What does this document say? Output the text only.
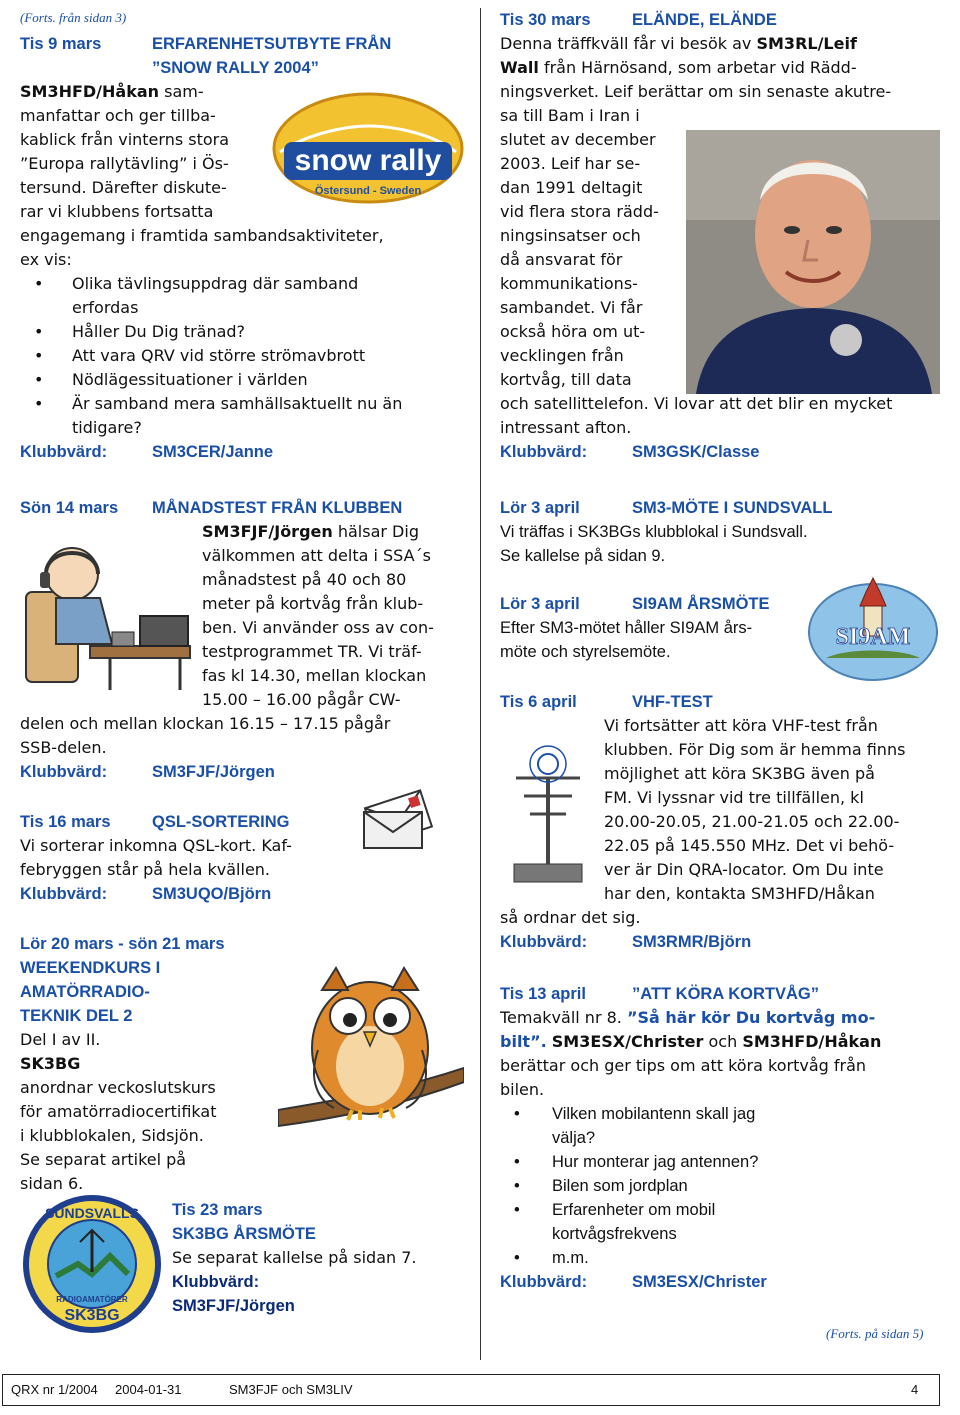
(Forts. från sidan 3)
Tis 9 mars	ERFARENHETSUTBYTE FRÅN
”SNOW RALLY 2004”
SM3HFD/Håkan sam-
manfattar och ger tillba-
kablick från vinterns stora
”Europa rallytävling” i Ös-
tersund. Därefter diskute-
rar vi klubbens fortsatta
engagemang i framtida sambandsaktiviteter,
ex vis:
• Olika tävlingsuppdrag där samband erfordas
• Håller Du Dig tränad?
• Att vara QRV vid större strömavbrott
• Nödlägessituationer i världen
• Är samband mera samhällsaktuellt nu än tidigare?
Klubbvärd:	SM3CER/Janne
snow rally
Östersund - Sweden
Sön 14 mars MÅNADSTEST FRÅN KLUBBEN
SM3FJF/Jörgen hälsar Dig
välkommen att delta i SSA´s
månadstest på 40 och 80
meter på kortvåg från klub-
ben. Vi använder oss av con-
testprogrammet TR. Vi träf-
fas kl 14.30, mellan klockan
15.00 – 16.00 pågår CW-
delen och mellan klockan 16.15 – 17.15 pågår
SSB-delen.
Klubbvärd:	SM3FJF/Jörgen
Tis 16 mars	QSL-SORTERING
Vi sorterar inkomna QSL-kort. Kaf-
febryggen står på hela kvällen.
Klubbvärd:	SM3UQO/Björn
Lör 20 mars - sön 21 mars
WEEKENDKURS I
AMATÖRRADIO-
TEKNIK DEL 2
Del I av II.
SK3BG
anordnar veckoslutskurs
för amatörradiocertifikat
i klubblokalen, Sidsjön.
Se separat artikel på
sidan 6.
Tis 23 mars
SK3BG ÅRSMÖTE
Se separat kallelse på sidan 7.
Klubbvärd:
SM3FJF/Jörgen
SUNDSVALLS
RADIOAMATÖRER
SK3BG
Tis 30 mars	ELÄNDE, ELÄNDE
Denna träffkväll får vi besök av SM3RL/Leif
Wall från Härnösand, som arbetar vid Rädd-
ningsverket. Leif berättar om sin senaste akutre-
sa till Bam i Iran i
slutet av december
2003. Leif har se-
dan 1991 deltagit
vid flera stora rädd-
ningsinsatser och
då ansvarat för
kommunikations-
sambandet. Vi får
också höra om ut-
vecklingen från
kortvåg, till data
och satellittelefon. Vi lovar att det blir en mycket
intressant afton.
Klubbvärd:	SM3GSK/Classe
Lör 3 april	SM3-MÖTE I SUNDSVALL
Vi träffas i SK3BGs klubblokal i Sundsvall.
Se kallelse på sidan 9.
Lör 3 april	SI9AM ÅRSMÖTE
Efter SM3-mötet håller SI9AM års-
möte och styrelsemöte.
SI9AM
Tis 6 april	VHF-TEST
Vi fortsätter att köra VHF-test från
klubben. För Dig som är hemma finns
möjlighet att köra SK3BG även på
FM. Vi lyssnar vid tre tillfällen, kl
20.00-20.05, 21.00-21.05 och 22.00-
22.05 på 145.550 MHz. Det vi behö-
ver är Din QRA-locator. Om Du inte
har den, kontakta SM3HFD/Håkan
så ordnar det sig.
Klubbvärd:	SM3RMR/Björn
Tis 13 april	”ATT KÖRA KORTVÅG”
Temakväll nr 8. ”Så här kör Du kortvåg mo-
bilt”. SM3ESX/Christer och SM3HFD/Håkan
berättar och ger tips om att köra kortvåg från
bilen.
• Vilken mobilantenn skall jag välja?
• Hur monterar jag antennen?
• Bilen som jordplan
• Erfarenheter om mobil kortvågsfrekvens
• m.m.
Klubbvärd:	SM3ESX/Christer
(Forts. på sidan 5)
QRX nr 1/2004 2004-01-31	SM3FJF och SM3LIV	4
